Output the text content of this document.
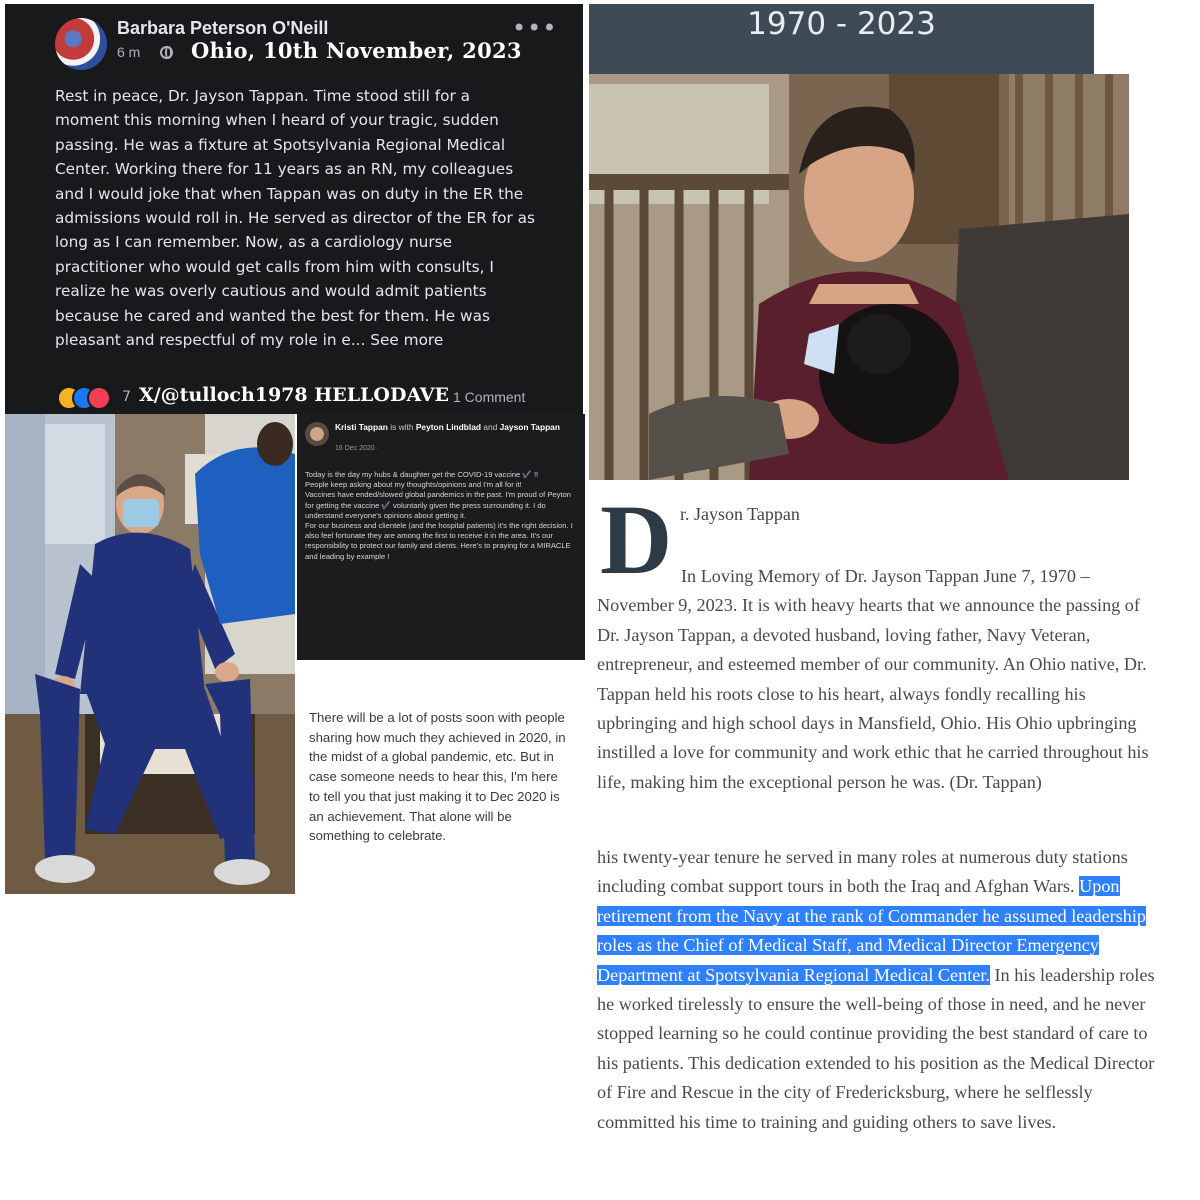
Barbara Peterson O'Neill
6 m Ohio, 10th November, 2023
•••
Rest in peace, Dr. Jayson Tappan. Time stood still for a moment this morning when I heard of your tragic, sudden passing. He was a fixture at Spotsylvania Regional Medical Center. Working there for 11 years as an RN, my colleagues and I would joke that when Tappan was on duty in the ER the admissions would roll in. He served as director of the ER for as long as I can remember. Now, as a cardiology nurse practitioner who would get calls from him with consults, I realize he was overly cautious and would admit patients because he cared and wanted the best for them. He was pleasant and respectful of my role in e... See more
7 X/@tulloch1978 HELLODAVE 1 Comment
Kristi Tappan is with Peyton Lindblad and Jayson Tappan
16 Dec 2020 ·
Today is the day my hubs & daughter get the COVID-19 vaccine ✔️ !!
People keep asking about my thoughts/opinions and I'm all for it!
Vaccines have ended/slowed global pandemics in the past. I'm proud of Peyton for getting the vaccine ✔️ voluntarily given the press surrounding it. I do understand everyone's opinions about getting it.
For our business and clientele (and the hospital patients) it's the right decision. I also feel fortunate they are among the first to receive it in the area. It's our responsibility to protect our family and clients. Here's to praying for a MIRACLE and leading by example !
There will be a lot of posts soon with people sharing how much they achieved in 2020, in the midst of a global pandemic, etc. But in case someone needs to hear this, I'm here to tell you that just making it to Dec 2020 is an achievement. That alone will be something to celebrate.
1970 - 2023
D r. Jayson Tappan
In Loving Memory of Dr. Jayson Tappan June 7, 1970 – November 9, 2023. It is with heavy hearts that we announce the passing of Dr. Jayson Tappan, a devoted husband, loving father, Navy Veteran, entrepreneur, and esteemed member of our community. An Ohio native, Dr. Tappan held his roots close to his heart, always fondly recalling his upbringing and high school days in Mansfield, Ohio. His Ohio upbringing instilled a love for community and work ethic that he carried throughout his life, making him the exceptional person he was. (Dr. Tappan)
his twenty-year tenure he served in many roles at numerous duty stations including combat support tours in both the Iraq and Afghan Wars. Upon retirement from the Navy at the rank of Commander he assumed leadership roles as the Chief of Medical Staff, and Medical Director Emergency Department at Spotsylvania Regional Medical Center. In his leadership roles he worked tirelessly to ensure the well-being of those in need, and he never stopped learning so he could continue providing the best standard of care to his patients. This dedication extended to his position as the Medical Director of Fire and Rescue in the city of Fredericksburg, where he selflessly committed his time to training and guiding others to save lives.
